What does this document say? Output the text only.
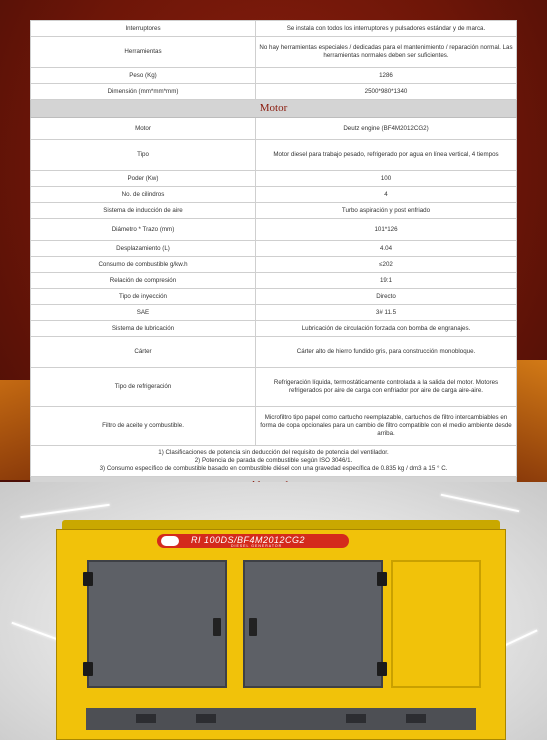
Interruptores	Se instala con todos los interruptores y pulsadores estándar y de marca.
Herramientas	No hay herramientas especiales / dedicadas para el mantenimiento / reparación normal. Las herramientas normales deben ser suficientes.
Peso (Kg)	1286
Dimensión (mm*mm*mm)	2500*980*1340
Motor	
Motor	Deutz engine (BF4M2012CG2)
Tipo	Motor diesel para trabajo pesado, refrigerado por agua en línea vertical, 4 tiempos
Poder (Kw)	100
No. de cilindros	4
Sistema de inducción de aire	Turbo aspiración y post enfriado
Diámetro * Trazo (mm)	101*126
Desplazamiento (L)	4.04
Consumo de combustible g/kw.h	≤202
Relación de compresión	19:1
Tipo de inyección	Directo
SAE	3# 11.5
Sistema de lubricación	Lubricación de circulación forzada con bomba de engranajes.
Cárter	Cárter alto de hierro fundido gris, para construcción monobloque.
Tipo de refrigeración	Refrigeración líquida, termostáticamente controlada a la salida del motor. Motores refrigerados por aire de carga con enfriador por aire de carga aire-aire.
Filtro de aceite y combustible.	Microfiltro tipo papel como cartucho reemplazable, cartuchos de filtro intercambiables en forma de copa opcionales para un cambio de filtro compatible con el medio ambiente desde arriba.

1) Clasificaciones de potencia sin deducción del requisito de potencia del ventilador.
2) Potencia de parada de combustible según ISO 3046/1.
3) Consumo específico de combustible basado en combustible diésel con una gravedad específica de 0.835 kg / dm3 a 15 ° C.	

RI 100DS/BF4M2012CG2
DIESEL GENERATOR
